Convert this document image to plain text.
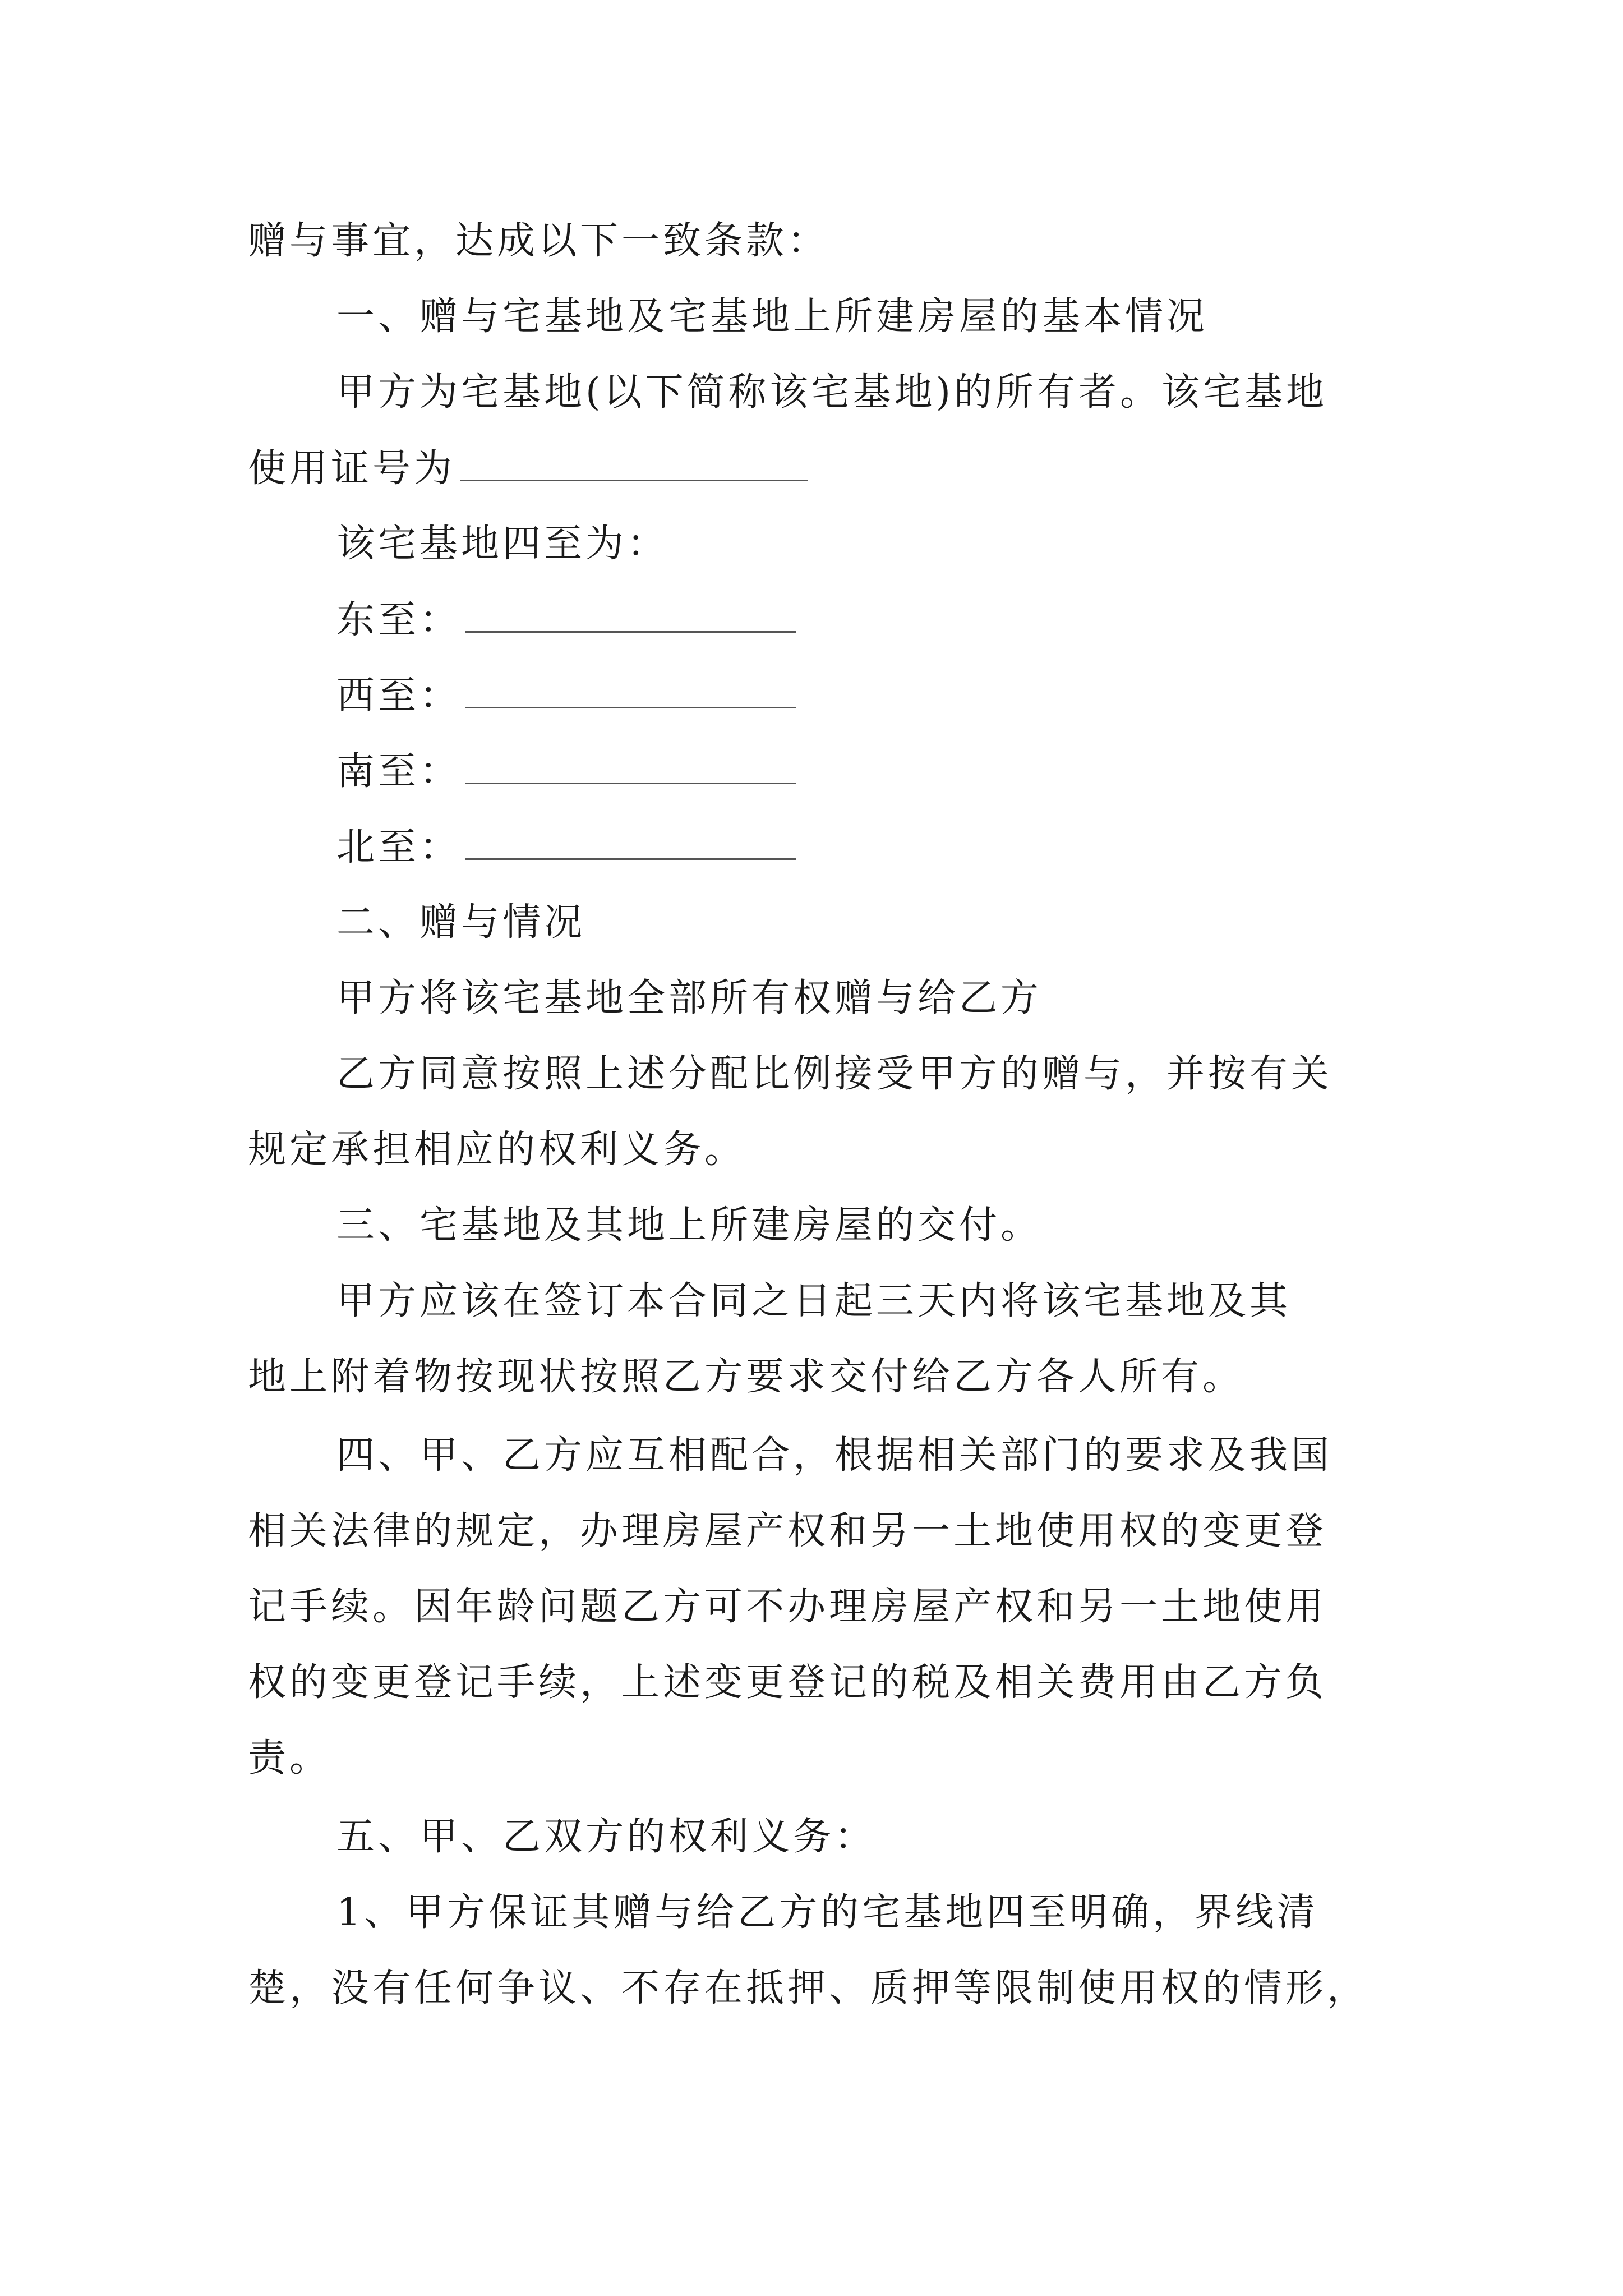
赠与事宜，达成以下一致条款：
一、赠与宅基地及宅基地上所建房屋的基本情况
甲方为宅基地(以下简称该宅基地)的所有者。该宅基地
使用证号为
该宅基地四至为：
东至：
西至：
南至：
北至：
二、赠与情况
甲方将该宅基地全部所有权赠与给乙方
乙方同意按照上述分配比例接受甲方的赠与，并按有关
规定承担相应的权利义务。
三、宅基地及其地上所建房屋的交付。
甲方应该在签订本合同之日起三天内将该宅基地及其
地上附着物按现状按照乙方要求交付给乙方各人所有。
四、甲、乙方应互相配合，根据相关部门的要求及我国
相关法律的规定，办理房屋产权和另一土地使用权的变更登
记手续。因年龄问题乙方可不办理房屋产权和另一土地使用
权的变更登记手续，上述变更登记的税及相关费用由乙方负
责。
五、甲、乙双方的权利义务：
1、甲方保证其赠与给乙方的宅基地四至明确，界线清
楚，没有任何争议、不存在抵押、质押等限制使用权的情形，
